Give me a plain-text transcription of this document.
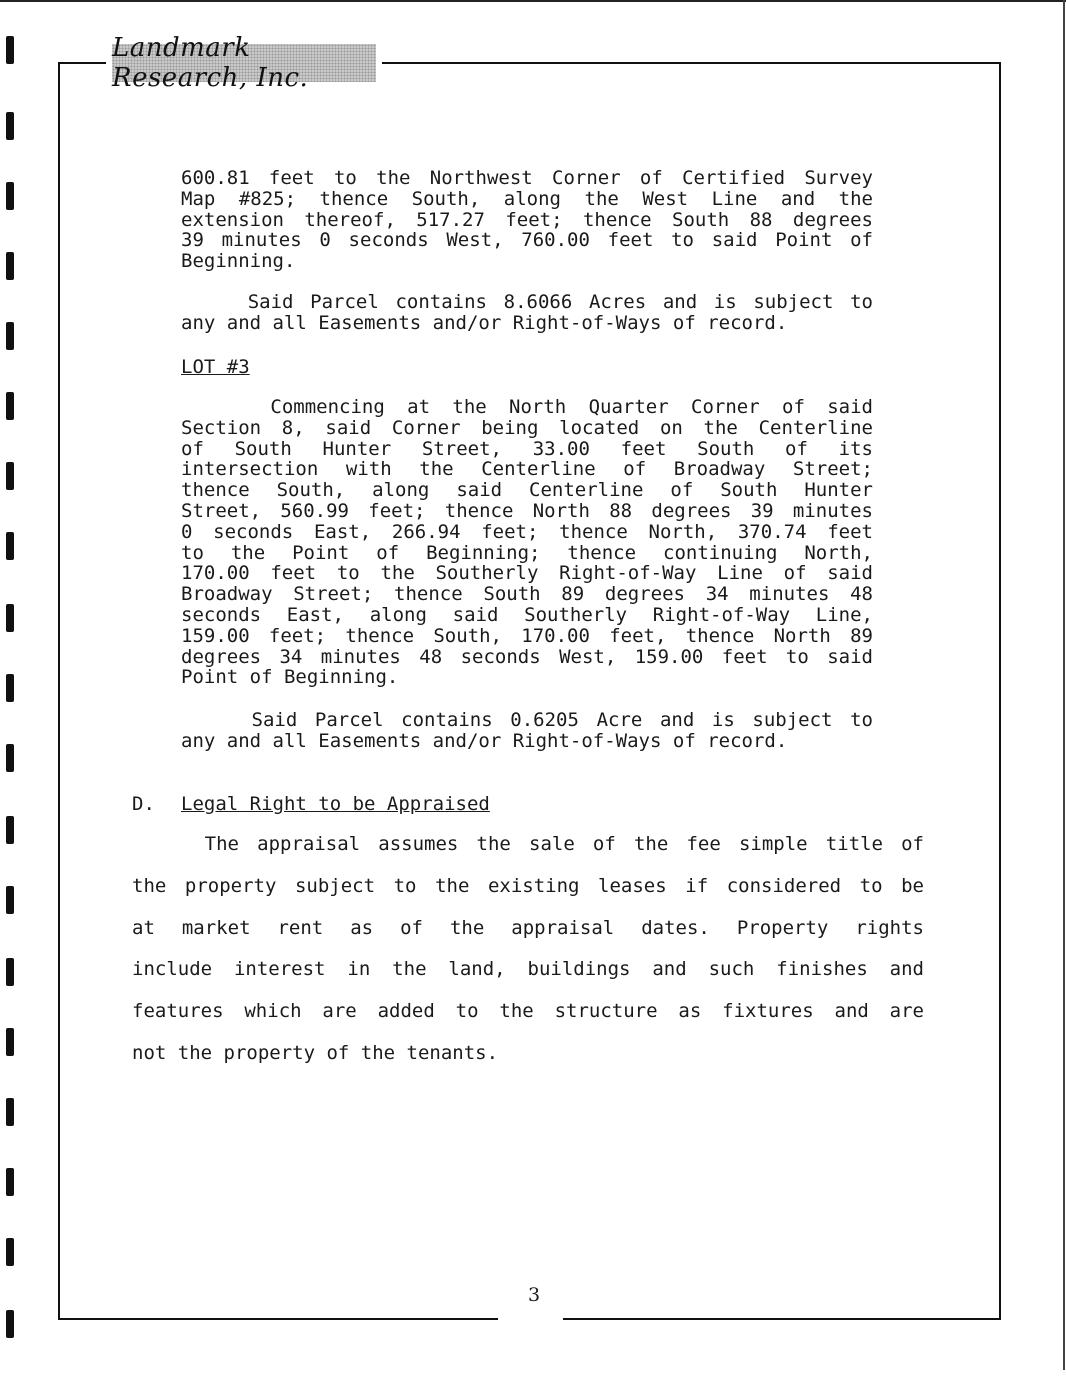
Landmark Research, Inc.
600.81 feet to the Northwest Corner of Certified Survey
Map #825; thence South, along the West Line and the
extension thereof, 517.27 feet; thence South 88 degrees
39 minutes 0 seconds West, 760.00 feet to said Point of
Beginning.
Said Parcel contains 8.6066 Acres and is subject to
any and all Easements and/or Right-of-Ways of record.
LOT #3
Commencing at the North Quarter Corner of said
Section 8, said Corner being located on the Centerline
of South Hunter Street, 33.00 feet South of its
intersection with the Centerline of Broadway Street;
thence South, along said Centerline of South Hunter
Street, 560.99 feet; thence North 88 degrees 39 minutes
0 seconds East, 266.94 feet; thence North, 370.74 feet
to the Point of Beginning; thence continuing North,
170.00 feet to the Southerly Right-of-Way Line of said
Broadway Street; thence South 89 degrees 34 minutes 48
seconds East, along said Southerly Right-of-Way Line,
159.00 feet; thence South, 170.00 feet, thence North 89
degrees 34 minutes 48 seconds West, 159.00 feet to said
Point of Beginning.
Said Parcel contains 0.6205 Acre and is subject to
any and all Easements and/or Right-of-Ways of record.
D. Legal Right to be Appraised
The appraisal assumes the sale of the fee simple title of
the property subject to the existing leases if considered to be
at market rent as of the appraisal dates. Property rights
include interest in the land, buildings and such finishes and
features which are added to the structure as fixtures and are
not the property of the tenants.
3
